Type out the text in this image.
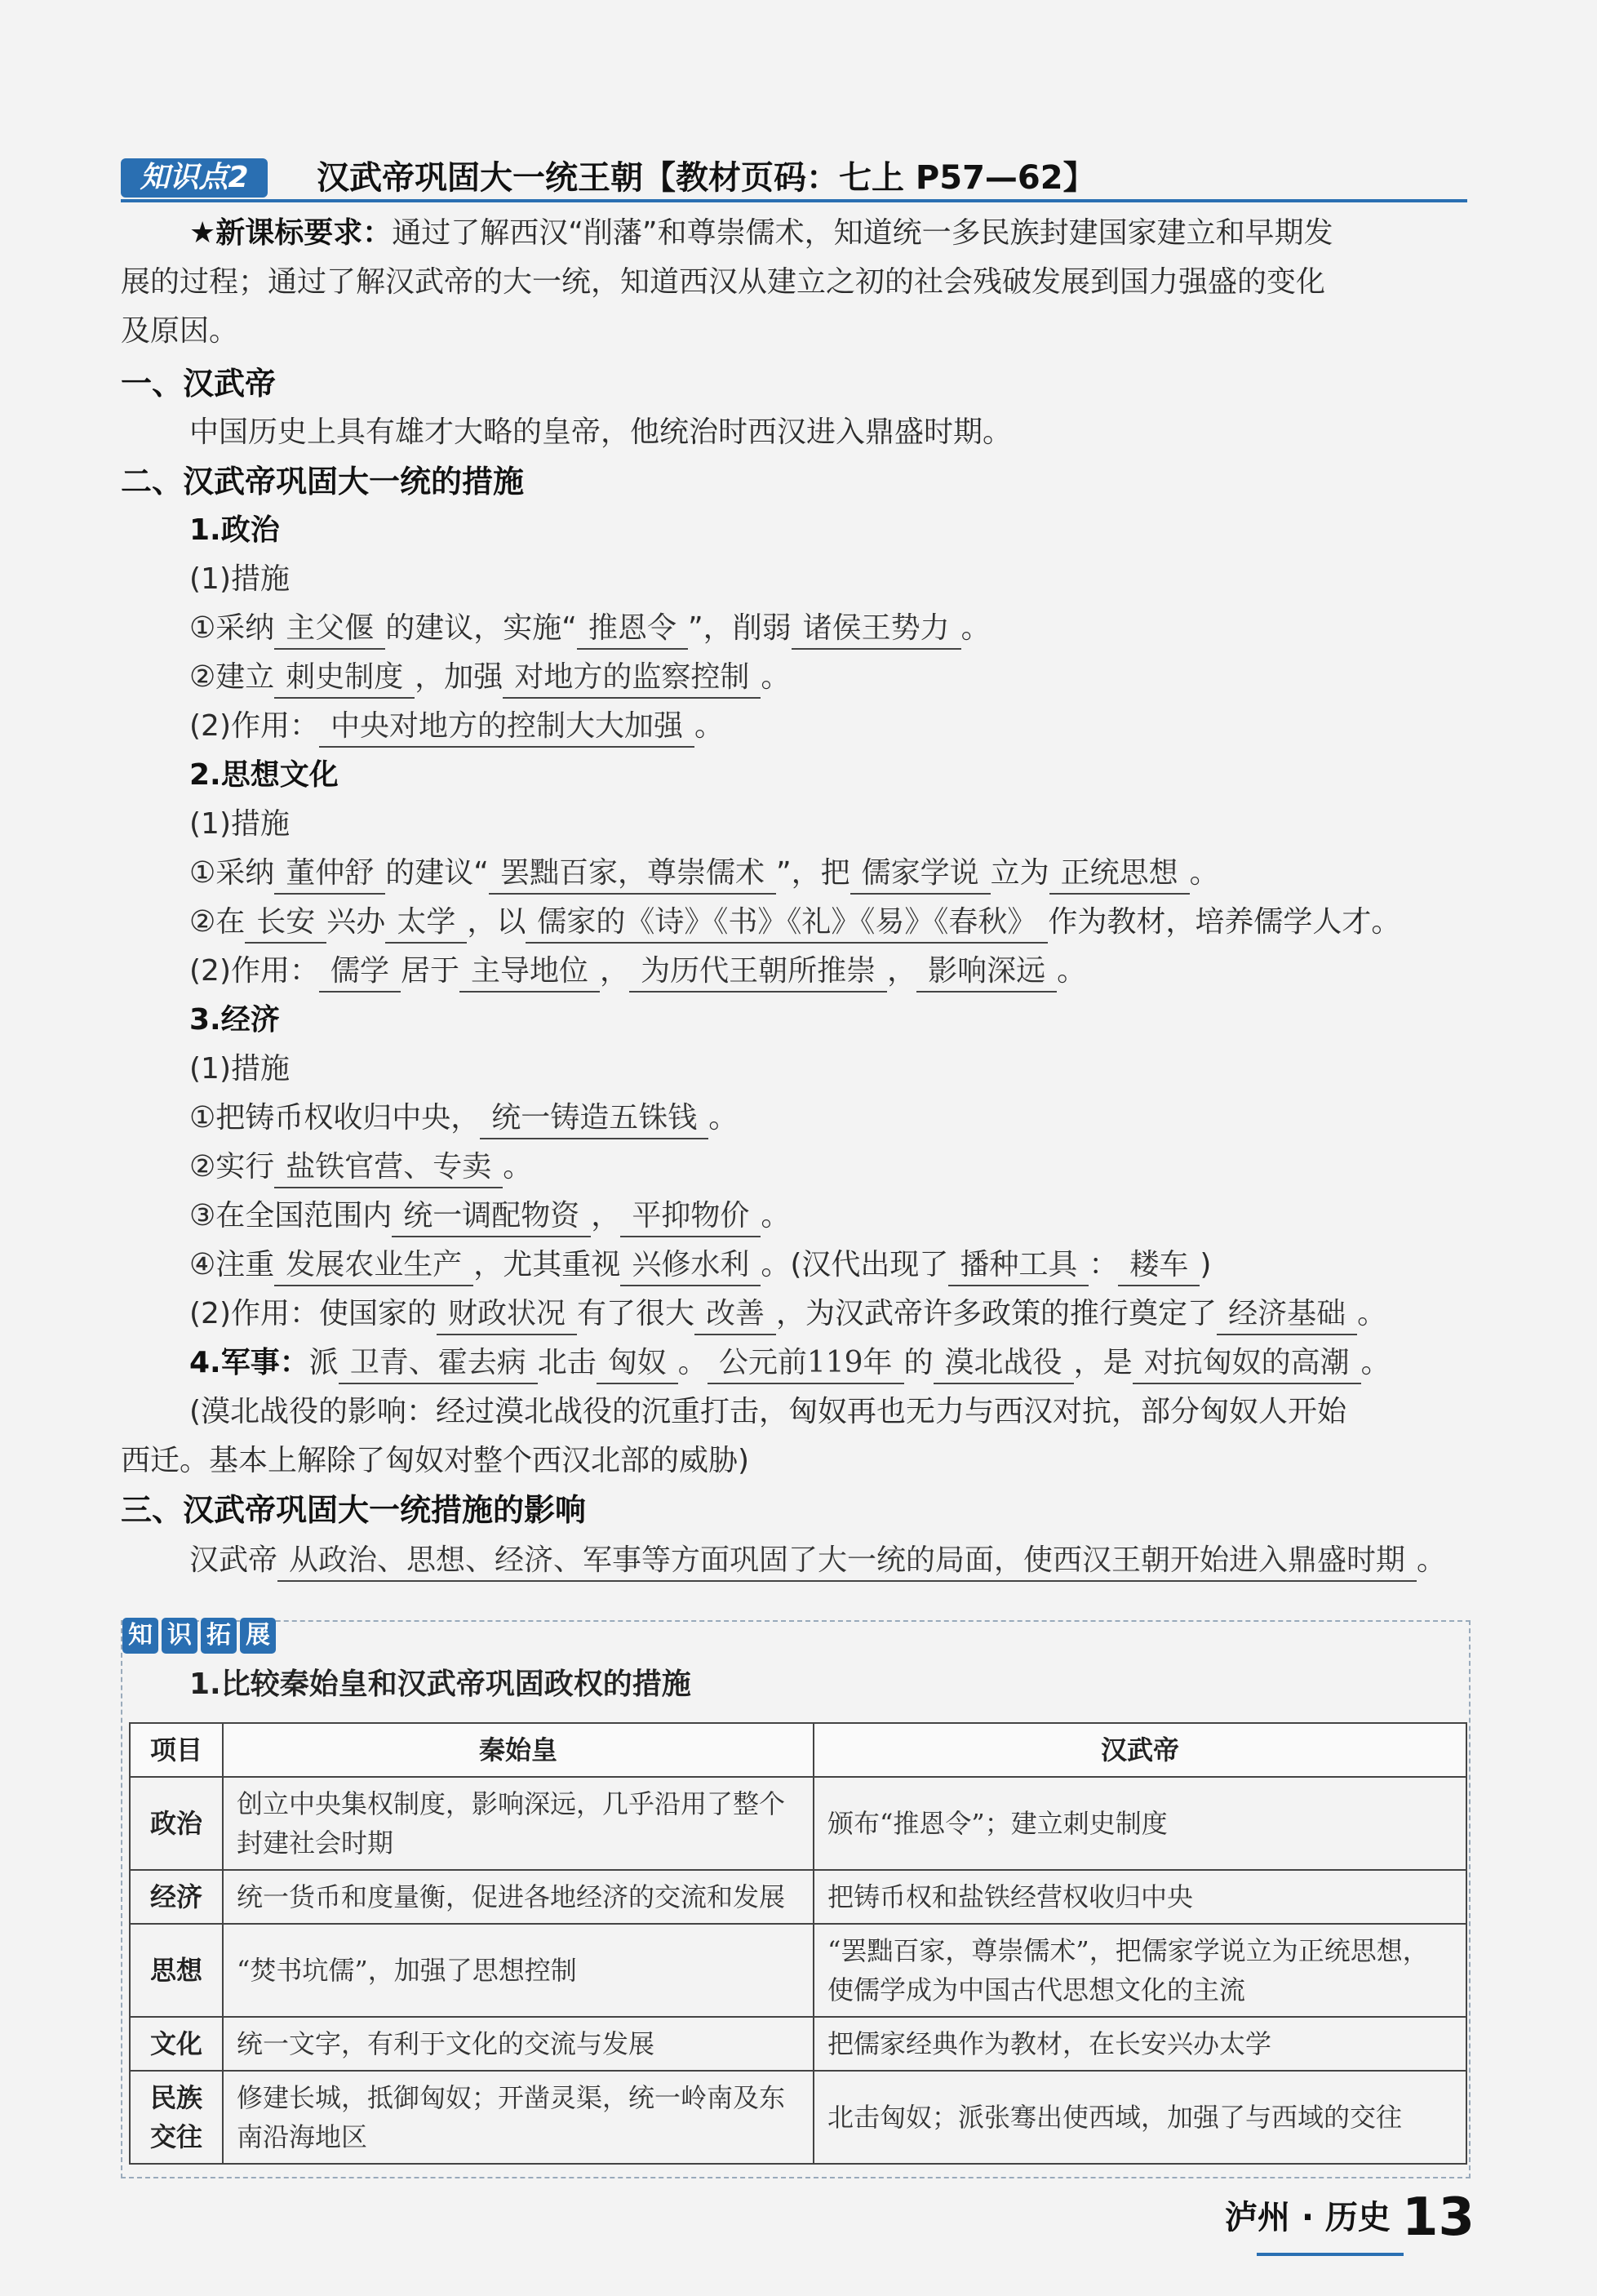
知识点2	汉武帝巩固大一统王朝【教材页码：七上 P57—62】
★新课标要求：通过了解西汉“削藩”和尊崇儒术，知道统一多民族封建国家建立和早期发
展的过程；通过了解汉武帝的大一统，知道西汉从建立之初的社会残破发展到国力强盛的变化
及原因。
一、汉武帝
中国历史上具有雄才大略的皇帝，他统治时西汉进入鼎盛时期。
二、汉武帝巩固大一统的措施
1.政治
(1)措施
①采纳 主父偃 的建议，实施“ 推恩令 ”，削弱 诸侯王势力 。
②建立 刺史制度 ，加强 对地方的监察控制 。
(2)作用： 中央对地方的控制大大加强 。
2.思想文化
(1)措施
①采纳 董仲舒 的建议“ 罢黜百家，尊崇儒术 ”，把 儒家学说 立为 正统思想 。
②在 长安 兴办 太学 ，以 儒家的《诗》《书》《礼》《易》《春秋》 作为教材，培养儒学人才。
(2)作用： 儒学 居于 主导地位 ， 为历代王朝所推崇 ， 影响深远 。
3.经济
(1)措施
①把铸币权收归中央， 统一铸造五铢钱 。
②实行 盐铁官营、专卖 。
③在全国范围内 统一调配物资 ， 平抑物价 。
④注重 发展农业生产 ，尤其重视 兴修水利 。(汉代出现了 播种工具 ： 耧车 )
(2)作用：使国家的 财政状况 有了很大 改善 ，为汉武帝许多政策的推行奠定了 经济基础 。
4.军事：派 卫青、霍去病 北击 匈奴 。 公元前119年 的 漠北战役 ，是 对抗匈奴的高潮 。
(漠北战役的影响：经过漠北战役的沉重打击，匈奴再也无力与西汉对抗，部分匈奴人开始
西迁。基本上解除了匈奴对整个西汉北部的威胁)
三、汉武帝巩固大一统措施的影响
汉武帝 从政治、思想、经济、军事等方面巩固了大一统的局面，使西汉王朝开始进入鼎盛时期 。
知 识 拓 展
1.比较秦始皇和汉武帝巩固政权的措施
项目	秦始皇	汉武帝
政治	创立中央集权制度，影响深远，几乎沿用了整个封建社会时期	颁布“推恩令”；建立刺史制度
经济	统一货币和度量衡，促进各地经济的交流和发展	把铸币权和盐铁经营权收归中央
思想	“焚书坑儒”，加强了思想控制	“罢黜百家，尊崇儒术”，把儒家学说立为正统思想，使儒学成为中国古代思想文化的主流
文化	统一文字，有利于文化的交流与发展	把儒家经典作为教材，在长安兴办太学
民族交往	修建长城，抵御匈奴；开凿灵渠，统一岭南及东南沿海地区	北击匈奴；派张骞出使西域，加强了与西域的交往
泸州 · 历史 13
